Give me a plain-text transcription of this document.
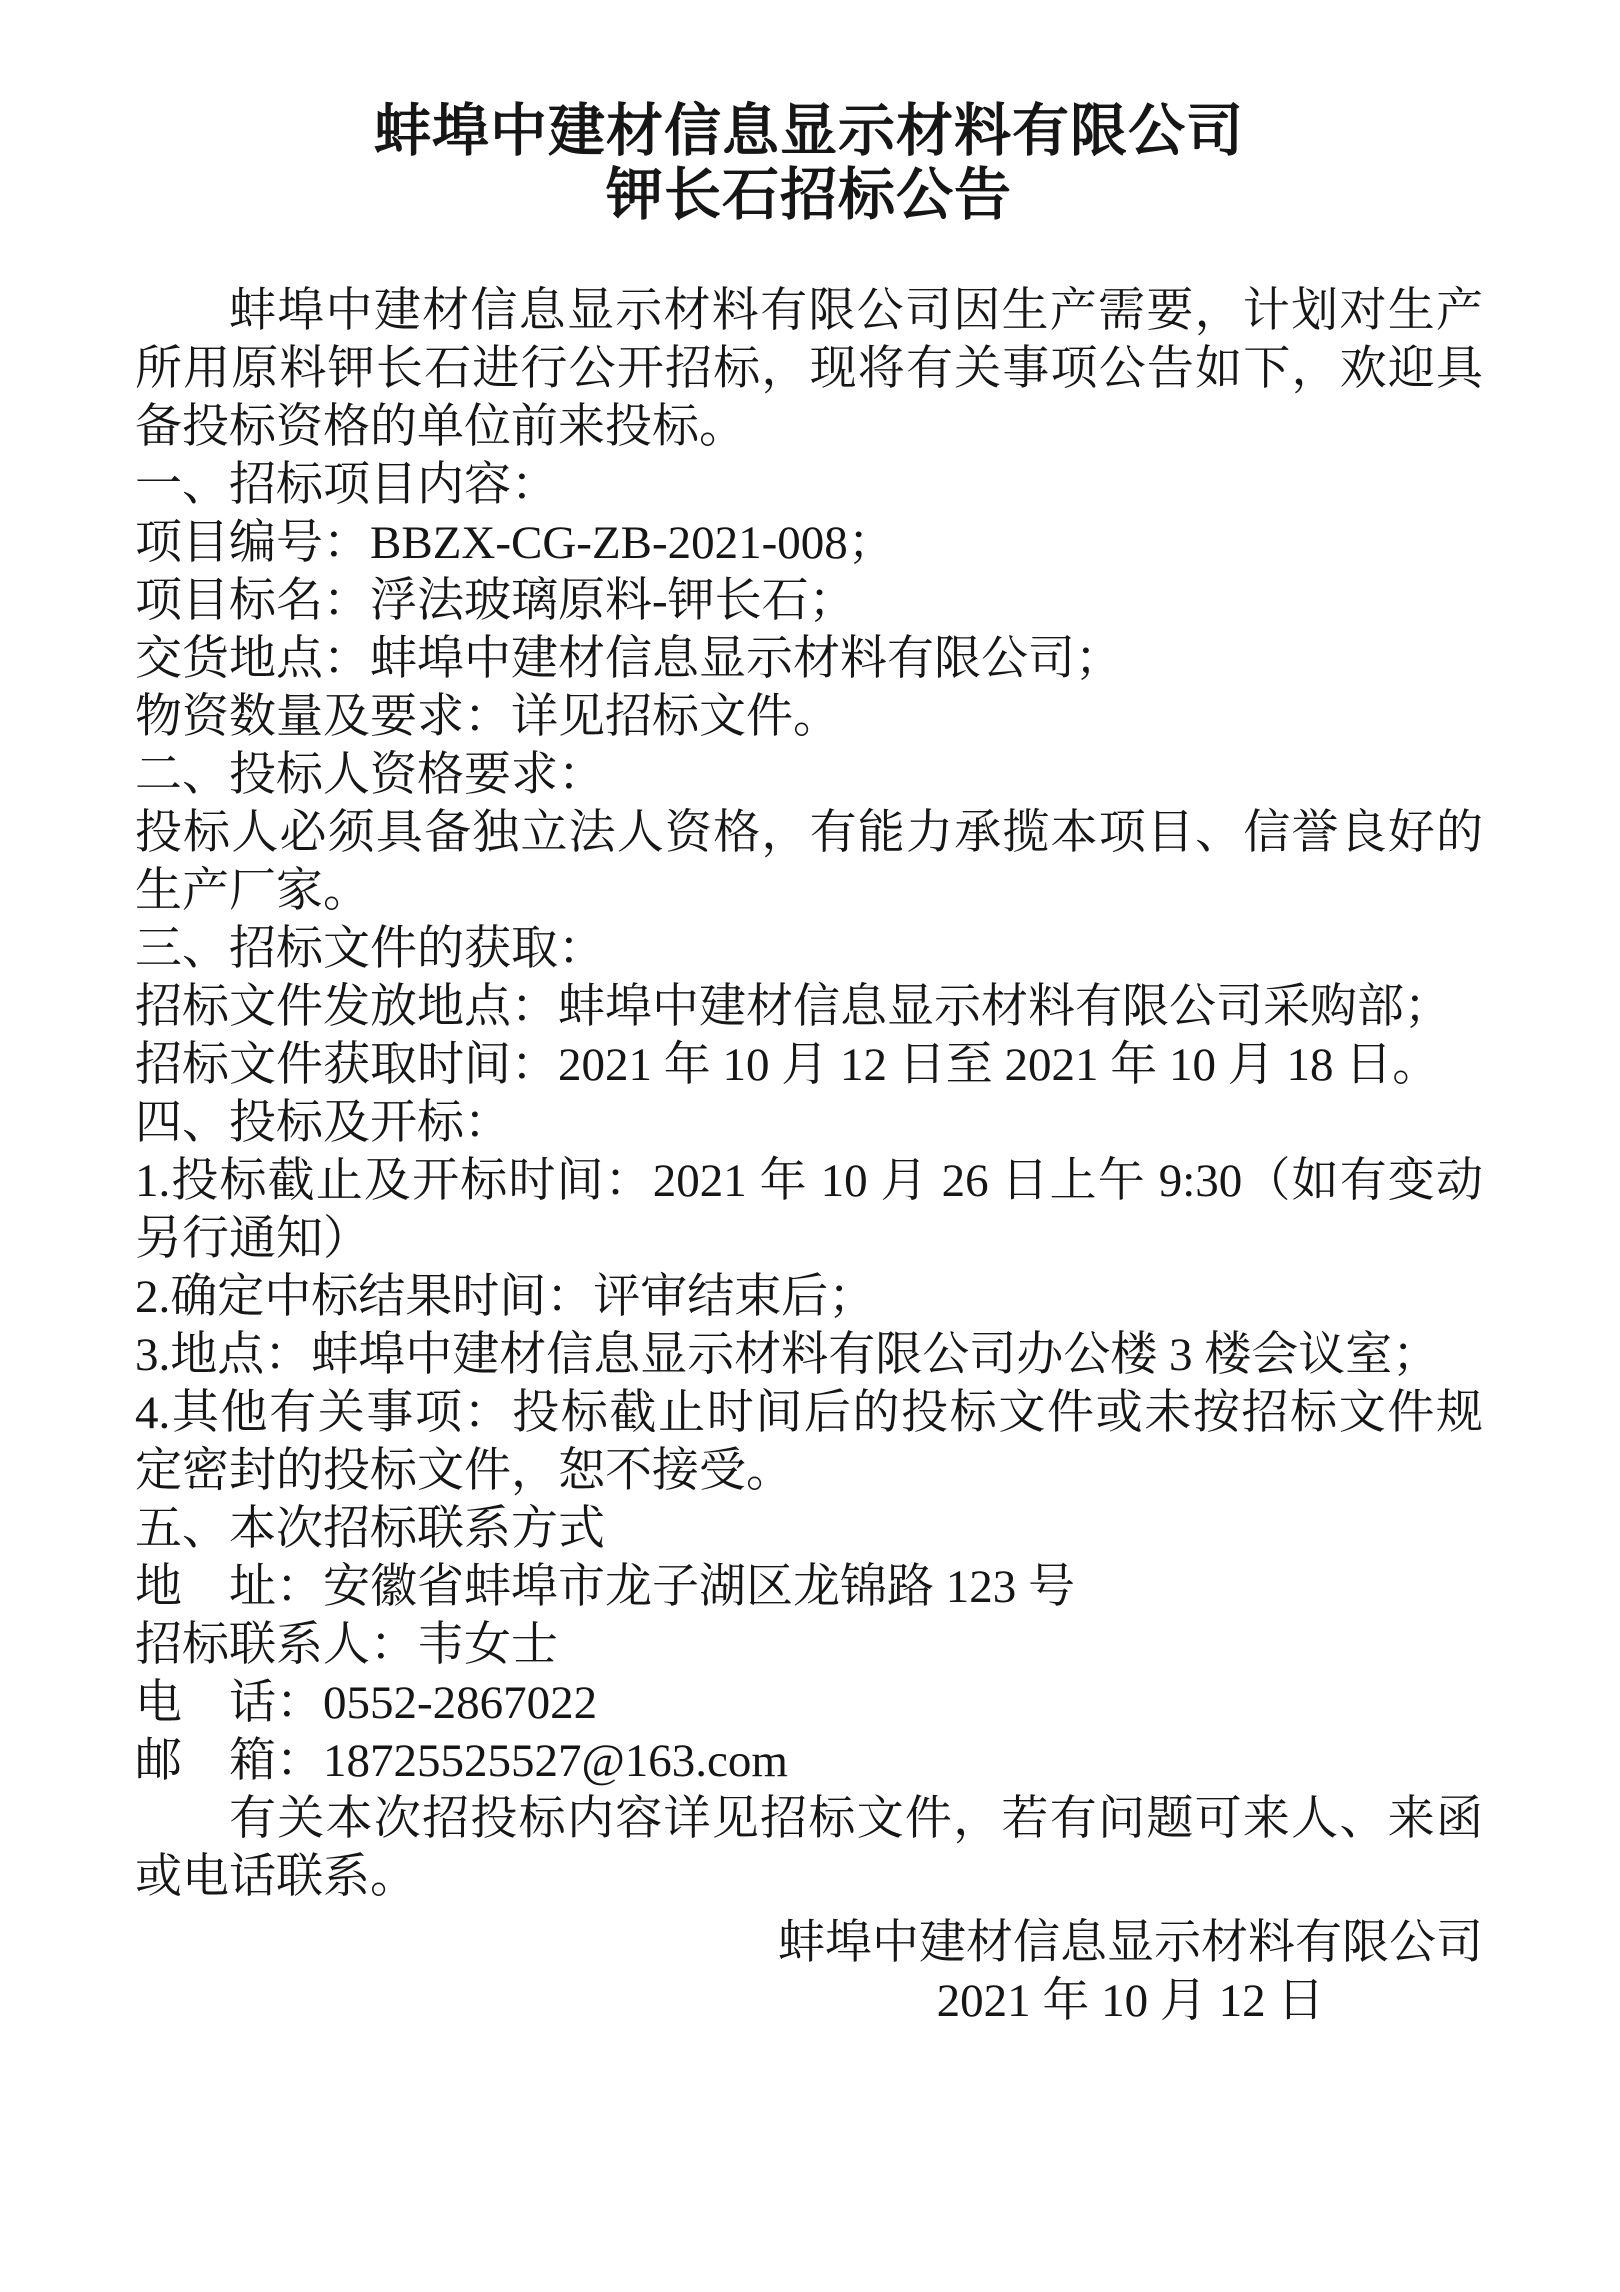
蚌埠中建材信息显示材料有限公司
钾长石招标公告
蚌埠中建材信息显示材料有限公司因生产需要，计划对生产所用原料钾长石进行公开招标，现将有关事项公告如下，欢迎具备投标资格的单位前来投标。
一、招标项目内容：
项目编号：BBZX-CG-ZB-2021-008；
项目标名：浮法玻璃原料-钾长石；
交货地点：蚌埠中建材信息显示材料有限公司；
物资数量及要求：详见招标文件。
二、投标人资格要求：
投标人必须具备独立法人资格，有能力承揽本项目、信誉良好的生产厂家。
三、招标文件的获取：
招标文件发放地点：蚌埠中建材信息显示材料有限公司采购部；
招标文件获取时间：2021 年 10 月 12 日至 2021 年 10 月 18 日。
四、投标及开标：
1.投标截止及开标时间：2021 年 10 月 26 日上午 9:30（如有变动另行通知）
2.确定中标结果时间：评审结束后；
3.地点：蚌埠中建材信息显示材料有限公司办公楼 3 楼会议室；
4.其他有关事项：投标截止时间后的投标文件或未按招标文件规定密封的投标文件，恕不接受。
五、本次招标联系方式
地　址：安徽省蚌埠市龙子湖区龙锦路 123 号
招标联系人：韦女士
电　话：0552-2867022
邮　箱：18725525527@163.com
有关本次招投标内容详见招标文件，若有问题可来人、来函或电话联系。
蚌埠中建材信息显示材料有限公司
2021 年 10 月 12 日
